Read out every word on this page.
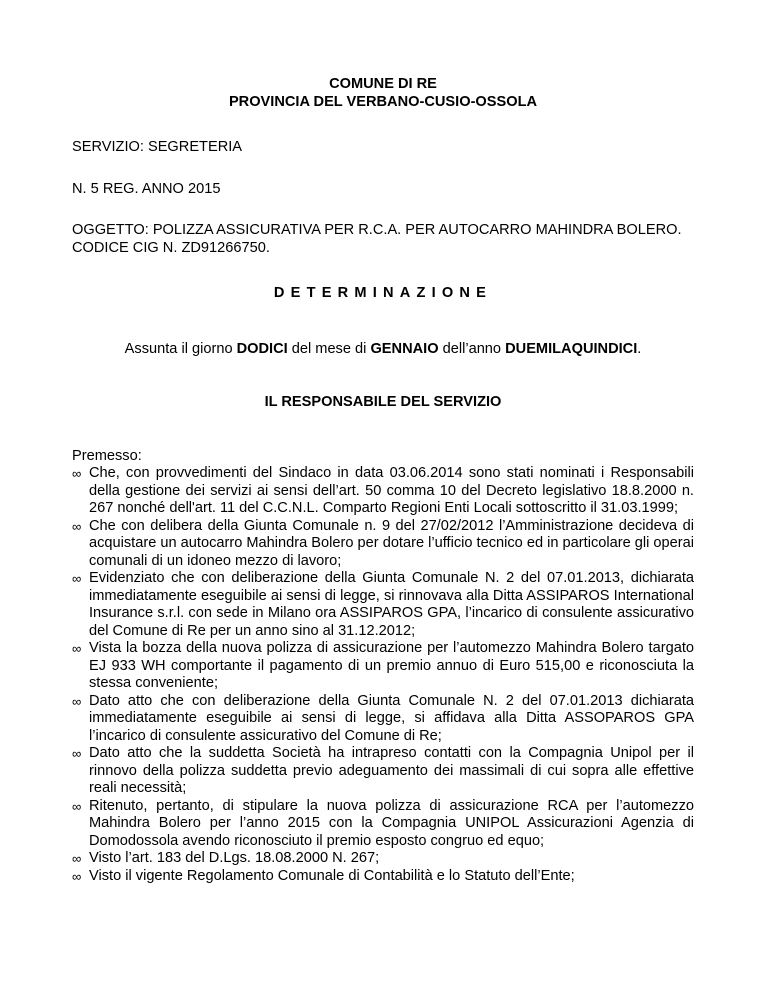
COMUNE DI RE
PROVINCIA DEL VERBANO-CUSIO-OSSOLA

SERVIZIO: SEGRETERIA

N. 5 REG. ANNO 2015

OGGETTO: POLIZZA ASSICURATIVA PER R.C.A. PER AUTOCARRO MAHINDRA BOLERO. CODICE CIG N. ZD91266750.

DETERMINAZIONE
Assunta il giorno DODICI del mese di GENNAIO dell’anno DUEMILAQUINDICI.
IL RESPONSABILE DEL SERVIZIO
Premesso:
∞ Che, con provvedimenti del Sindaco in data 03.06.2014 sono stati nominati i Responsabili della gestione dei servizi ai sensi dell’art. 50 comma 10 del Decreto legislativo 18.8.2000 n. 267 nonché dell'art. 11 del C.C.N.L. Comparto Regioni Enti Locali sottoscritto il 31.03.1999;
∞ Che con delibera della Giunta Comunale n. 9 del 27/02/2012 l’Amministrazione decideva di acquistare un autocarro Mahindra Bolero per dotare l’ufficio tecnico ed in particolare gli operai comunali di un idoneo mezzo di lavoro;
∞ Evidenziato che con deliberazione della Giunta Comunale N. 2 del 07.01.2013, dichiarata immediatamente eseguibile ai sensi di legge, si rinnovava alla Ditta ASSIPAROS International Insurance s.r.l. con sede in Milano ora ASSIPAROS GPA, l’incarico di consulente assicurativo del Comune di Re per un anno sino al 31.12.2012;
∞ Vista la bozza della nuova polizza di assicurazione per l’automezzo Mahindra Bolero targato EJ 933 WH comportante il pagamento di un premio annuo di Euro 515,00 e riconosciuta la stessa conveniente;
∞ Dato atto che con deliberazione della Giunta Comunale N. 2 del 07.01.2013 dichiarata immediatamente eseguibile ai sensi di legge, si affidava alla Ditta ASSOPAROS GPA l’incarico di consulente assicurativo del Comune di Re;
∞ Dato atto che la suddetta Società ha intrapreso contatti con la Compagnia Unipol per il rinnovo della polizza suddetta previo adeguamento dei massimali di cui sopra alle effettive reali necessità;
∞ Ritenuto, pertanto, di stipulare la nuova polizza di assicurazione RCA per l’automezzo Mahindra Bolero per l’anno 2015 con la Compagnia UNIPOL Assicurazioni Agenzia di Domodossola avendo riconosciuto il premio esposto congruo ed equo;
∞ Visto l’art. 183 del D.Lgs. 18.08.2000 N. 267;
∞ Visto il vigente Regolamento Comunale di Contabilità e lo Statuto dell’Ente;
